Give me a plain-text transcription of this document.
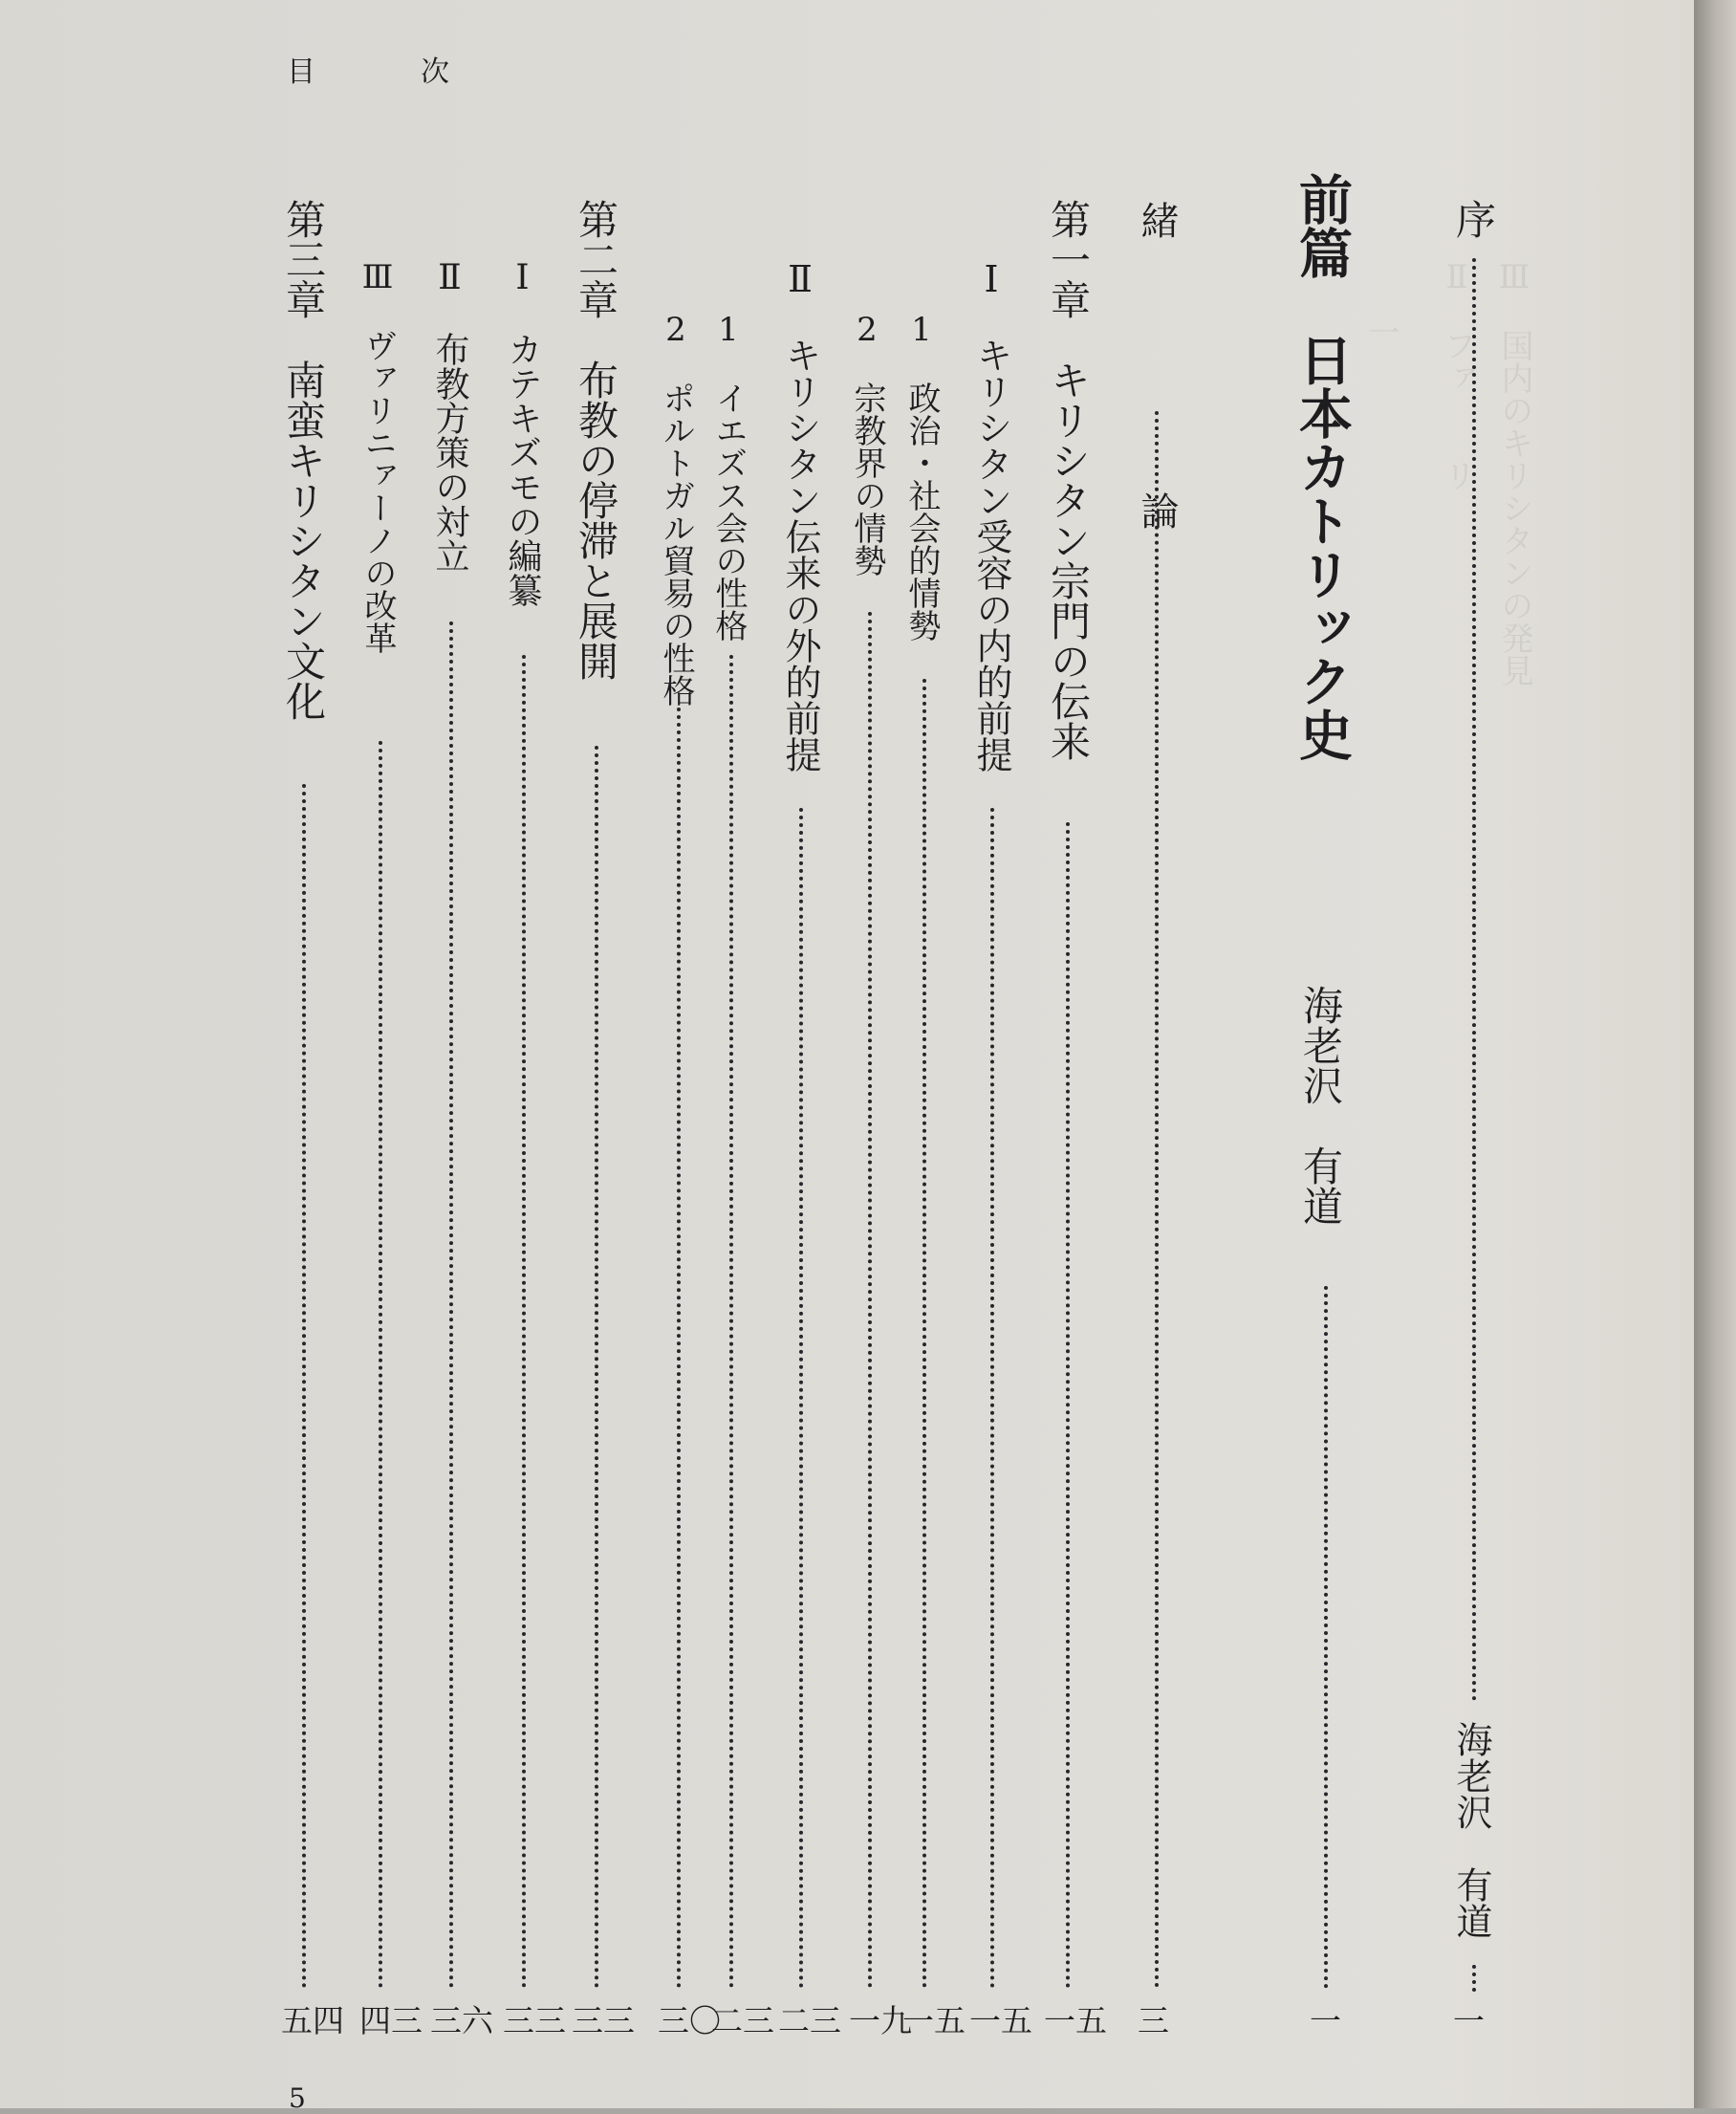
Ⅲ　国内のキリシタンの発見
Ⅱ　ファ　　リ
一　　　　
目	次
序
海老沢　有道
一
前篇　日本カトリック史
海老沢　有道
一
緒　論
三
第一章　キリシタン宗門の伝来
一五
Ⅰ　キリシタン受容の内的前提
一五
1　政治・社会的情勢
一五
2　宗教界の情勢
一九
Ⅱ　キリシタン伝来の外的前提
二三
1　イエズス会の性格
二三
2　ポルトガル貿易の性格
三〇
第二章　布教の停滞と展開
三三
Ⅰ　カテキズモの編纂
三三
Ⅱ　布教方策の対立
三六
Ⅲ　ヴァリニァーノの改革
四三
第三章　南蛮キリシタン文化
五四
5
